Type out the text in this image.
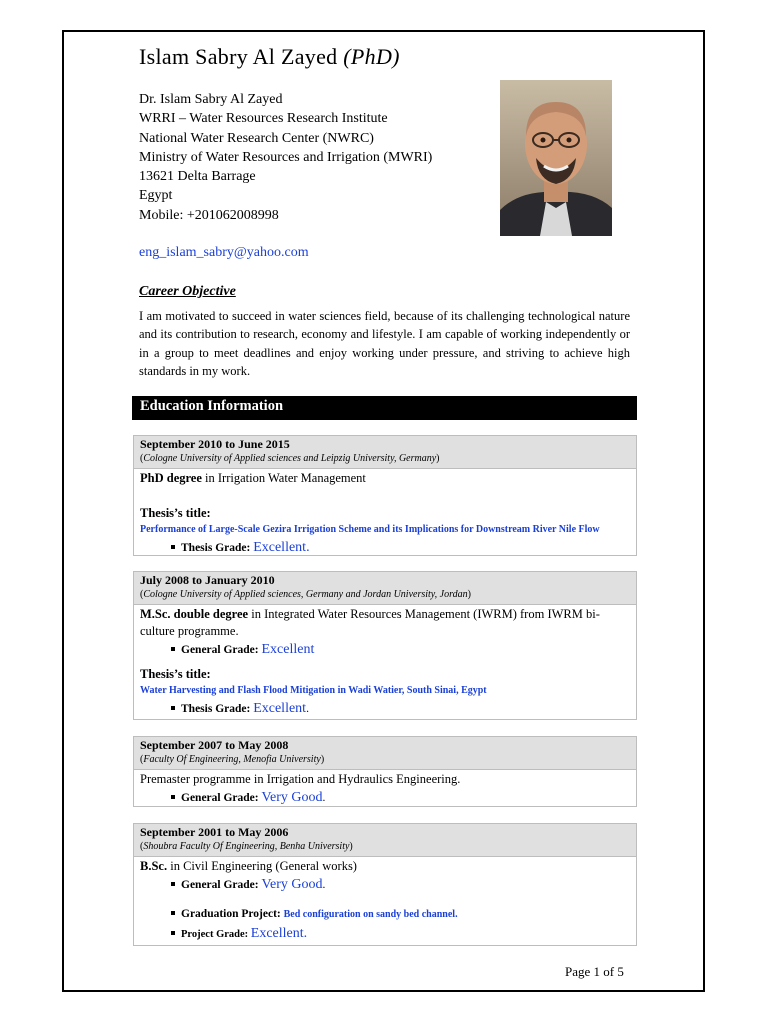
Islam Sabry Al Zayed (PhD)
Dr. Islam Sabry Al Zayed
WRRI – Water Resources Research Institute
National Water Research Center (NWRC)
Ministry of Water Resources and Irrigation (MWRI)
13621 Delta Barrage
Egypt
Mobile: +201062008998
eng_islam_sabry@yahoo.com
Career Objective
I am motivated to succeed in water sciences field, because of its challenging technological nature and its contribution to research, economy and lifestyle. I am capable of working independently or in a group to meet deadlines and enjoy working under pressure, and striving to achieve high standards in my work.
Education Information
September 2010 to June 2015
(Cologne University of Applied sciences and Leipzig University, Germany)
PhD degree in Irrigation Water Management
Thesis’s title:
Performance of Large-Scale Gezira Irrigation Scheme and its Implications for Downstream River Nile Flow
Thesis Grade: Excellent.
July 2008 to January 2010
(Cologne University of Applied sciences, Germany and Jordan University, Jordan)
M.Sc. double degree in Integrated Water Resources Management (IWRM) from IWRM bi-culture programme.
General Grade: Excellent
Thesis’s title:
Water Harvesting and Flash Flood Mitigation in Wadi Watier, South Sinai, Egypt
Thesis Grade: Excellent.
September 2007 to May 2008
(Faculty Of Engineering, Menofia University)
Premaster programme in Irrigation and Hydraulics Engineering.
General Grade: Very Good.
September 2001 to May 2006
(Shoubra Faculty Of Engineering, Benha University)
B.Sc. in Civil Engineering (General works)
General Grade: Very Good.
Graduation Project: Bed configuration on sandy bed channel.
Project Grade: Excellent.
Page 1 of 5
